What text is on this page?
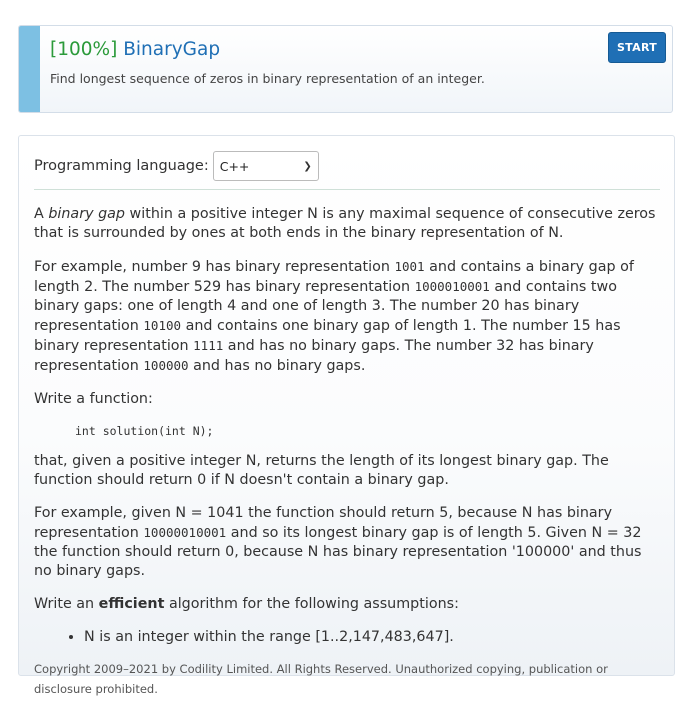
[100%] BinaryGap
Find longest sequence of zeros in binary representation of an integer.
START
Programming language: C++	❯

A binary gap within a positive integer N is any maximal sequence of consecutive zeros that is surrounded by ones at both ends in the binary representation of N.

For example, number 9 has binary representation 1001 and contains a binary gap of length 2. The number 529 has binary representation 1000010001 and contains two binary gaps: one of length 4 and one of length 3. The number 20 has binary representation 10100 and contains one binary gap of length 1. The number 15 has binary representation 1111 and has no binary gaps. The number 32 has binary representation 100000 and has no binary gaps.

Write a function:

int solution(int N);

that, given a positive integer N, returns the length of its longest binary gap. The function should return 0 if N doesn't contain a binary gap.

For example, given N = 1041 the function should return 5, because N has binary representation 10000010001 and so its longest binary gap is of length 5. Given N = 32 the function should return 0, because N has binary representation '100000' and thus no binary gaps.

Write an efficient algorithm for the following assumptions:

• N is an integer within the range [1..2,147,483,647].
Copyright 2009–2021 by Codility Limited. All Rights Reserved. Unauthorized copying, publication or disclosure prohibited.
